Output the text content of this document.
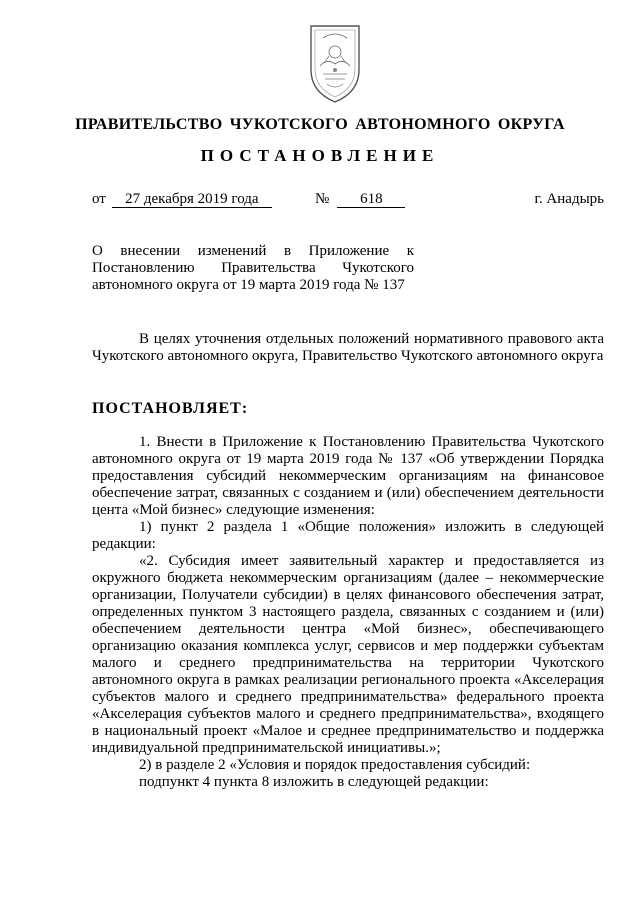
ПРАВИТЕЛЬСТВО ЧУКОТСКОГО АВТОНОМНОГО ОКРУГА
ПОСТАНОВЛЕНИЕ
от 27 декабря 2019 года	№ 618	г. Анадырь
О внесении изменений в Приложение к
Постановлению Правительства Чукотского
автономного округа от 19 марта 2019 года № 137

В целях уточнения отдельных положений нормативного правового акта Чукотского автономного округа, Правительство Чукотского автономного округа

ПОСТАНОВЛЯЕТ:

1. Внести в Приложение к Постановлению Правительства Чукотского автономного округа от 19 марта 2019 года № 137 «Об утверждении Порядка предоставления субсидий некоммерческим организациям на финансовое обеспечение затрат, связанных с созданием и (или) обеспечением деятельности цента «Мой бизнес» следующие изменения:

1) пункт 2 раздела 1 «Общие положения» изложить в следующей редакции:

«2. Субсидия имеет заявительный характер и предоставляется из окружного бюджета некоммерческим организациям (далее – некоммерческие организации, Получатели субсидии) в целях финансового обеспечения затрат, определенных пунктом 3 настоящего раздела, связанных с созданием и (или) обеспечением деятельности центра «Мой бизнес», обеспечивающего организацию оказания комплекса услуг, сервисов и мер поддержки субъектам малого и среднего предпринимательства на территории Чукотского автономного округа в рамках реализации регионального проекта «Акселерация субъектов малого и среднего предпринимательства» федерального проекта «Акселерация субъектов малого и среднего предпринимательства», входящего в национальный проект «Малое и среднее предпринимательство и поддержка индивидуальной предпринимательской инициативы.»;

2) в разделе 2 «Условия и порядок предоставления субсидий:

подпункт 4 пункта 8 изложить в следующей редакции:
